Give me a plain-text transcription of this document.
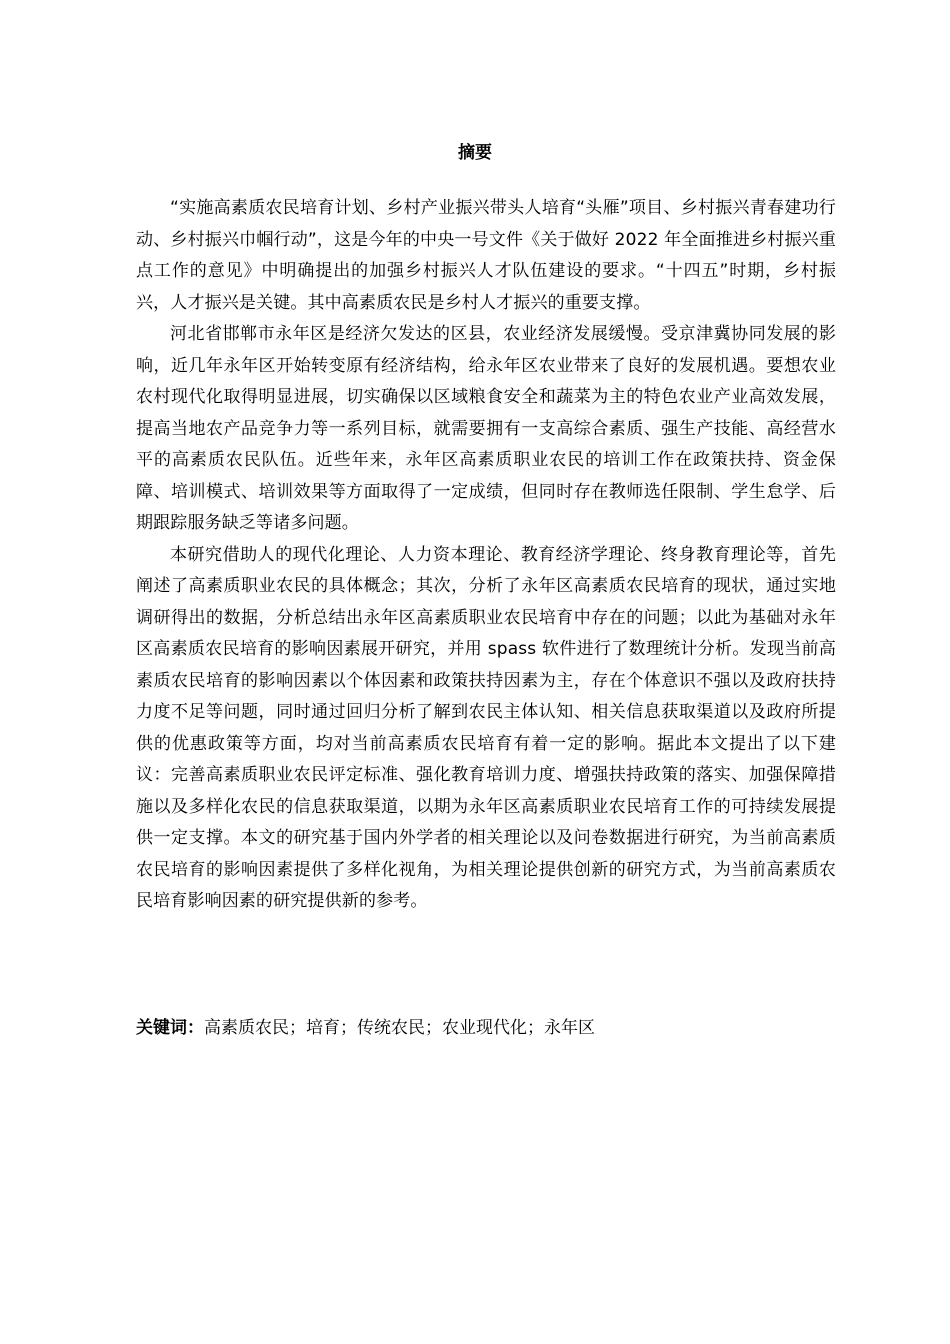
摘要

“实施高素质农民培育计划、乡村产业振兴带头人培育“头雁”项目、乡村振兴青春建功行动、乡村振兴巾帼行动”，这是今年的中央一号文件《关于做好 2022 年全面推进乡村振兴重点工作的意见》中明确提出的加强乡村振兴人才队伍建设的要求。“十四五”时期，乡村振兴，人才振兴是关键。其中高素质农民是乡村人才振兴的重要支撑。

河北省邯郸市永年区是经济欠发达的区县，农业经济发展缓慢。受京津冀协同发展的影响，近几年永年区开始转变原有经济结构，给永年区农业带来了良好的发展机遇。要想农业农村现代化取得明显进展，切实确保以区域粮食安全和蔬菜为主的特色农业产业高效发展，提高当地农产品竞争力等一系列目标，就需要拥有一支高综合素质、强生产技能、高经营水平的高素质农民队伍。近些年来，永年区高素质职业农民的培训工作在政策扶持、资金保障、培训模式、培训效果等方面取得了一定成绩，但同时存在教师选任限制、学生怠学、后期跟踪服务缺乏等诸多问题。

本研究借助人的现代化理论、人力资本理论、教育经济学理论、终身教育理论等，首先阐述了高素质职业农民的具体概念；其次，分析了永年区高素质农民培育的现状，通过实地调研得出的数据，分析总结出永年区高素质职业农民培育中存在的问题；以此为基础对永年区高素质农民培育的影响因素展开研究，并用 spass 软件进行了数理统计分析。发现当前高素质农民培育的影响因素以个体因素和政策扶持因素为主，存在个体意识不强以及政府扶持力度不足等问题，同时通过回归分析了解到农民主体认知、相关信息获取渠道以及政府所提供的优惠政策等方面，均对当前高素质农民培育有着一定的影响。据此本文提出了以下建议：完善高素质职业农民评定标准、强化教育培训力度、增强扶持政策的落实、加强保障措施以及多样化农民的信息获取渠道，以期为永年区高素质职业农民培育工作的可持续发展提供一定支撑。本文的研究基于国内外学者的相关理论以及问卷数据进行研究，为当前高素质农民培育的影响因素提供了多样化视角，为相关理论提供创新的研究方式，为当前高素质农民培育影响因素的研究提供新的参考。

关键词：高素质农民；培育；传统农民；农业现代化；永年区
